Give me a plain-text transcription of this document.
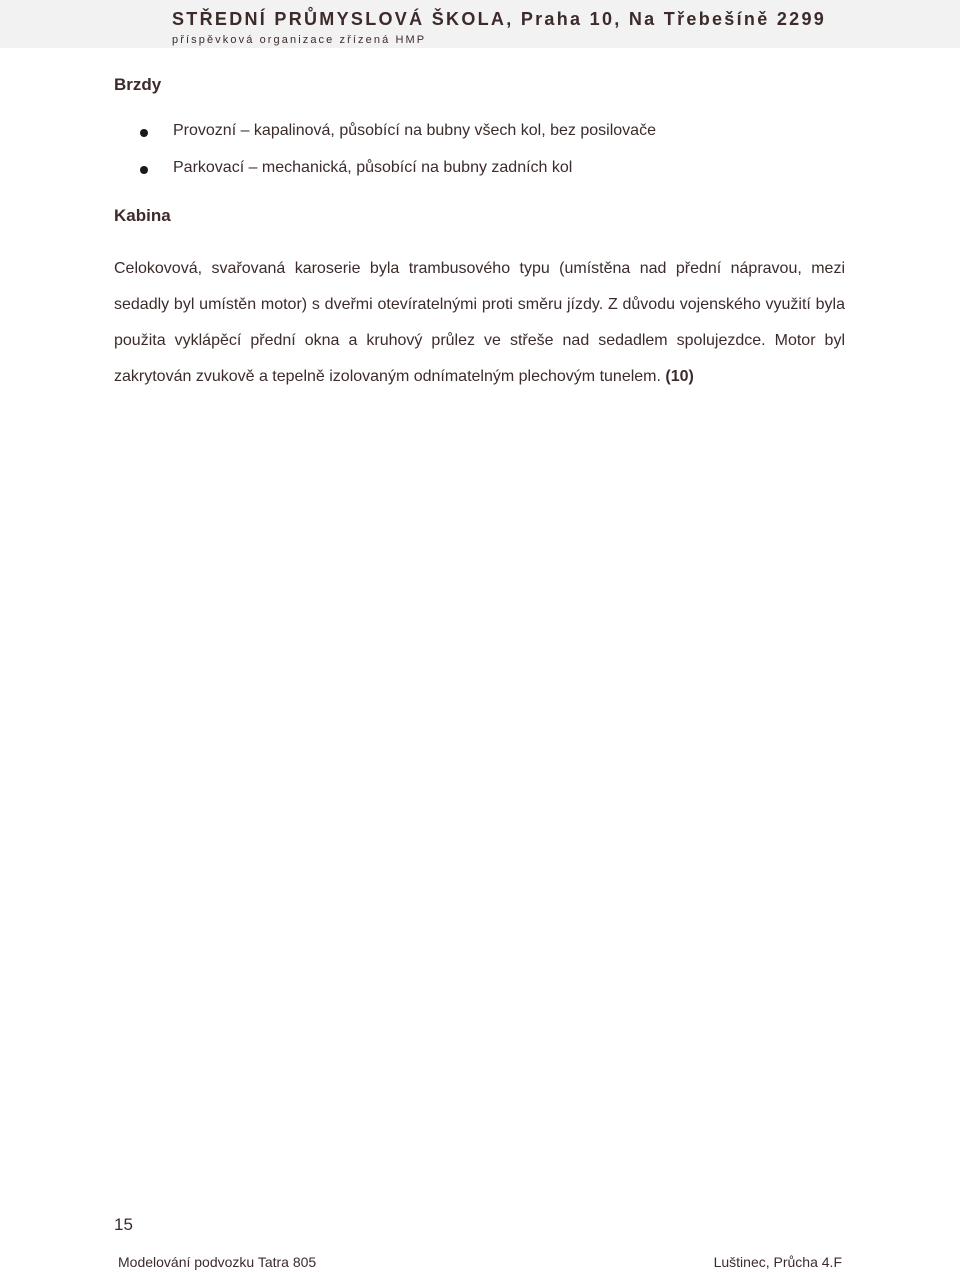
STŘEDNÍ PRŮMYSLOVÁ ŠKOLA, Praha 10, Na Třebešíně 2299
příspěvková organizace zřízená HMP
Brzdy
Provozní – kapalinová, působící na bubny všech kol, bez posilovače
Parkovací – mechanická, působící na bubny zadních kol
Kabina

Celokovová, svařovaná karoserie byla trambusového typu (umístěna nad přední nápravou, mezi sedadly byl umístěn motor) s dveřmi otevíratelnými proti směru jízdy. Z důvodu vojenského využití byla použita vyklápěcí přední okna a kruhový průlez ve střeše nad sedadlem spolujezdce. Motor byl zakrytován zvukově a tepelně izolovaným odnímatelným plechovým tunelem. (10)

15
Modelování podvozku Tatra 805	Luštinec, Průcha 4.F
